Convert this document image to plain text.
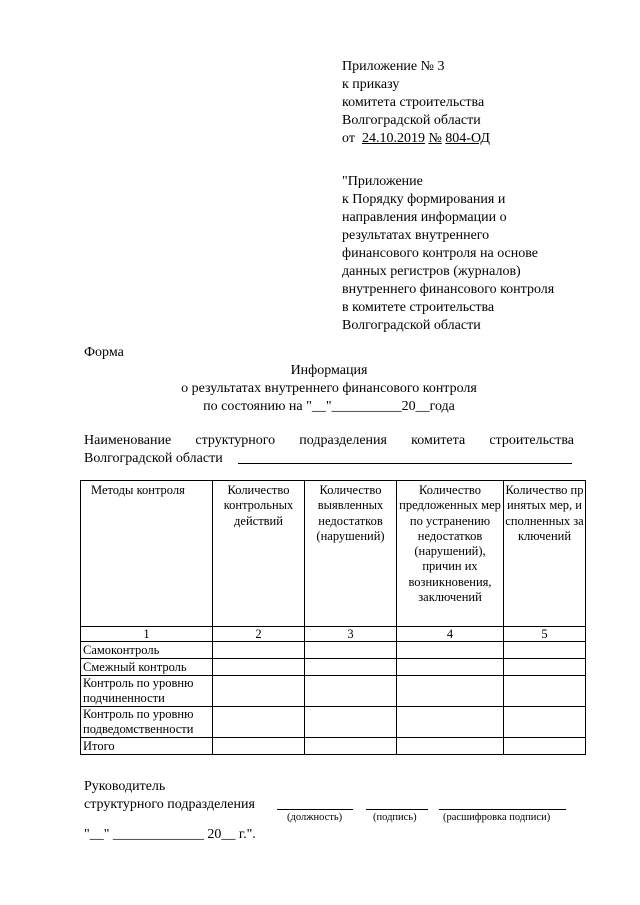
Приложение № 3
к приказу
комитета строительства
Волгоградской области
от 24.10.2019 № 804-ОД
"Приложение
к Порядку формирования и
направления информации о
результатах внутреннего
финансового контроля на основе
данных регистров (журналов)
внутреннего финансового контроля
в комитете строительства
Волгоградской области
Форма
Информация
о результатах внутреннего финансового контроля
по состоянию на "__"__________20__года
Наименование структурного подразделения комитета строительства
Волгоградской области
Методы контроля	Количество контрольных действий	Количество выявленных недостатков (нарушений)	Количество предложенных мер по устранению недостатков (нарушений), причин их возникновения, заключений	Количество принятых мер, исполненных заключений
1	2	3	4	5
Самоконтроль				
Смежный контроль				
Контроль по уровню подчиненности				
Контроль по уровню подведомственности				
Итого				
Руководитель
структурного подразделения
(должность)	(подпись)	(расшифровка подписи)
"__" _____________ 20__ г.".
